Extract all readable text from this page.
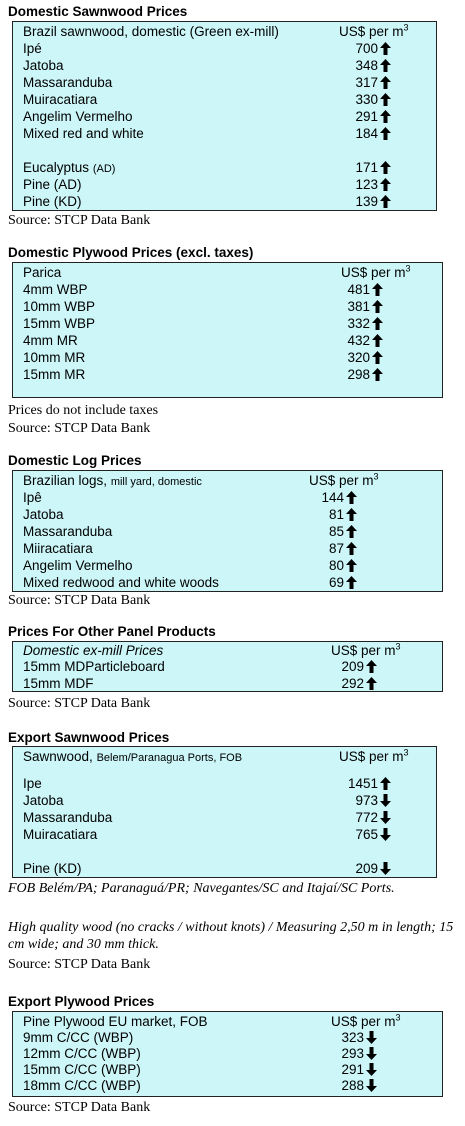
Domestic Sawnwood Prices
Brazil sawnwood, domestic (Green ex-mill)	US$ per $m^3$
Ipé	700
Jatoba	348
Massaranduba	317
Muiracatiara	330
Angelim Vermelho	291
Mixed red and white	184
Eucalyptus (AD)	171
Pine (AD)	123
Pine (KD)	139
Source: STCP Data Bank
Domestic Plywood Prices (excl. taxes)
Parica	US$ per $m^3$
4mm WBP	481
10mm WBP	381
15mm WBP	332
4mm MR	432
10mm MR	320
15mm MR	298
Prices do not include taxes
Source: STCP Data Bank
Domestic Log Prices
Brazilian logs, mill yard, domestic	US$ per $m^3$
Ipê	144
Jatoba	81
Massaranduba	85
Miiracatiara	87
Angelim Vermelho	80
Mixed redwood and white woods	69
Source: STCP Data Bank
Prices For Other Panel Products
Domestic ex-mill Prices	US$ per $m^3$
15mm MDParticleboard	209
15mm MDF	292
Source: STCP Data Bank
Export Sawnwood Prices
Sawnwood, Belem/Paranagua Ports, FOB	US$ per $m^3$
Ipe	1451
Jatoba	973
Massaranduba	772
Muiracatiara	765
Pine (KD)	209
FOB Belém/PA; Paranaguá/PR; Navegantes/SC and Itajaí/SC Ports.
High quality wood (no cracks / without knots) / Measuring 2,50 m in length; 15 cm wide; and 30 mm thick.
Source: STCP Data Bank
Export Plywood Prices
Pine Plywood EU market, FOB	US$ per $m^3$
9mm C/CC (WBP)	323
12mm C/CC (WBP)	293
15mm C/CC (WBP)	291
18mm C/CC (WBP)	288
Source: STCP Data Bank
